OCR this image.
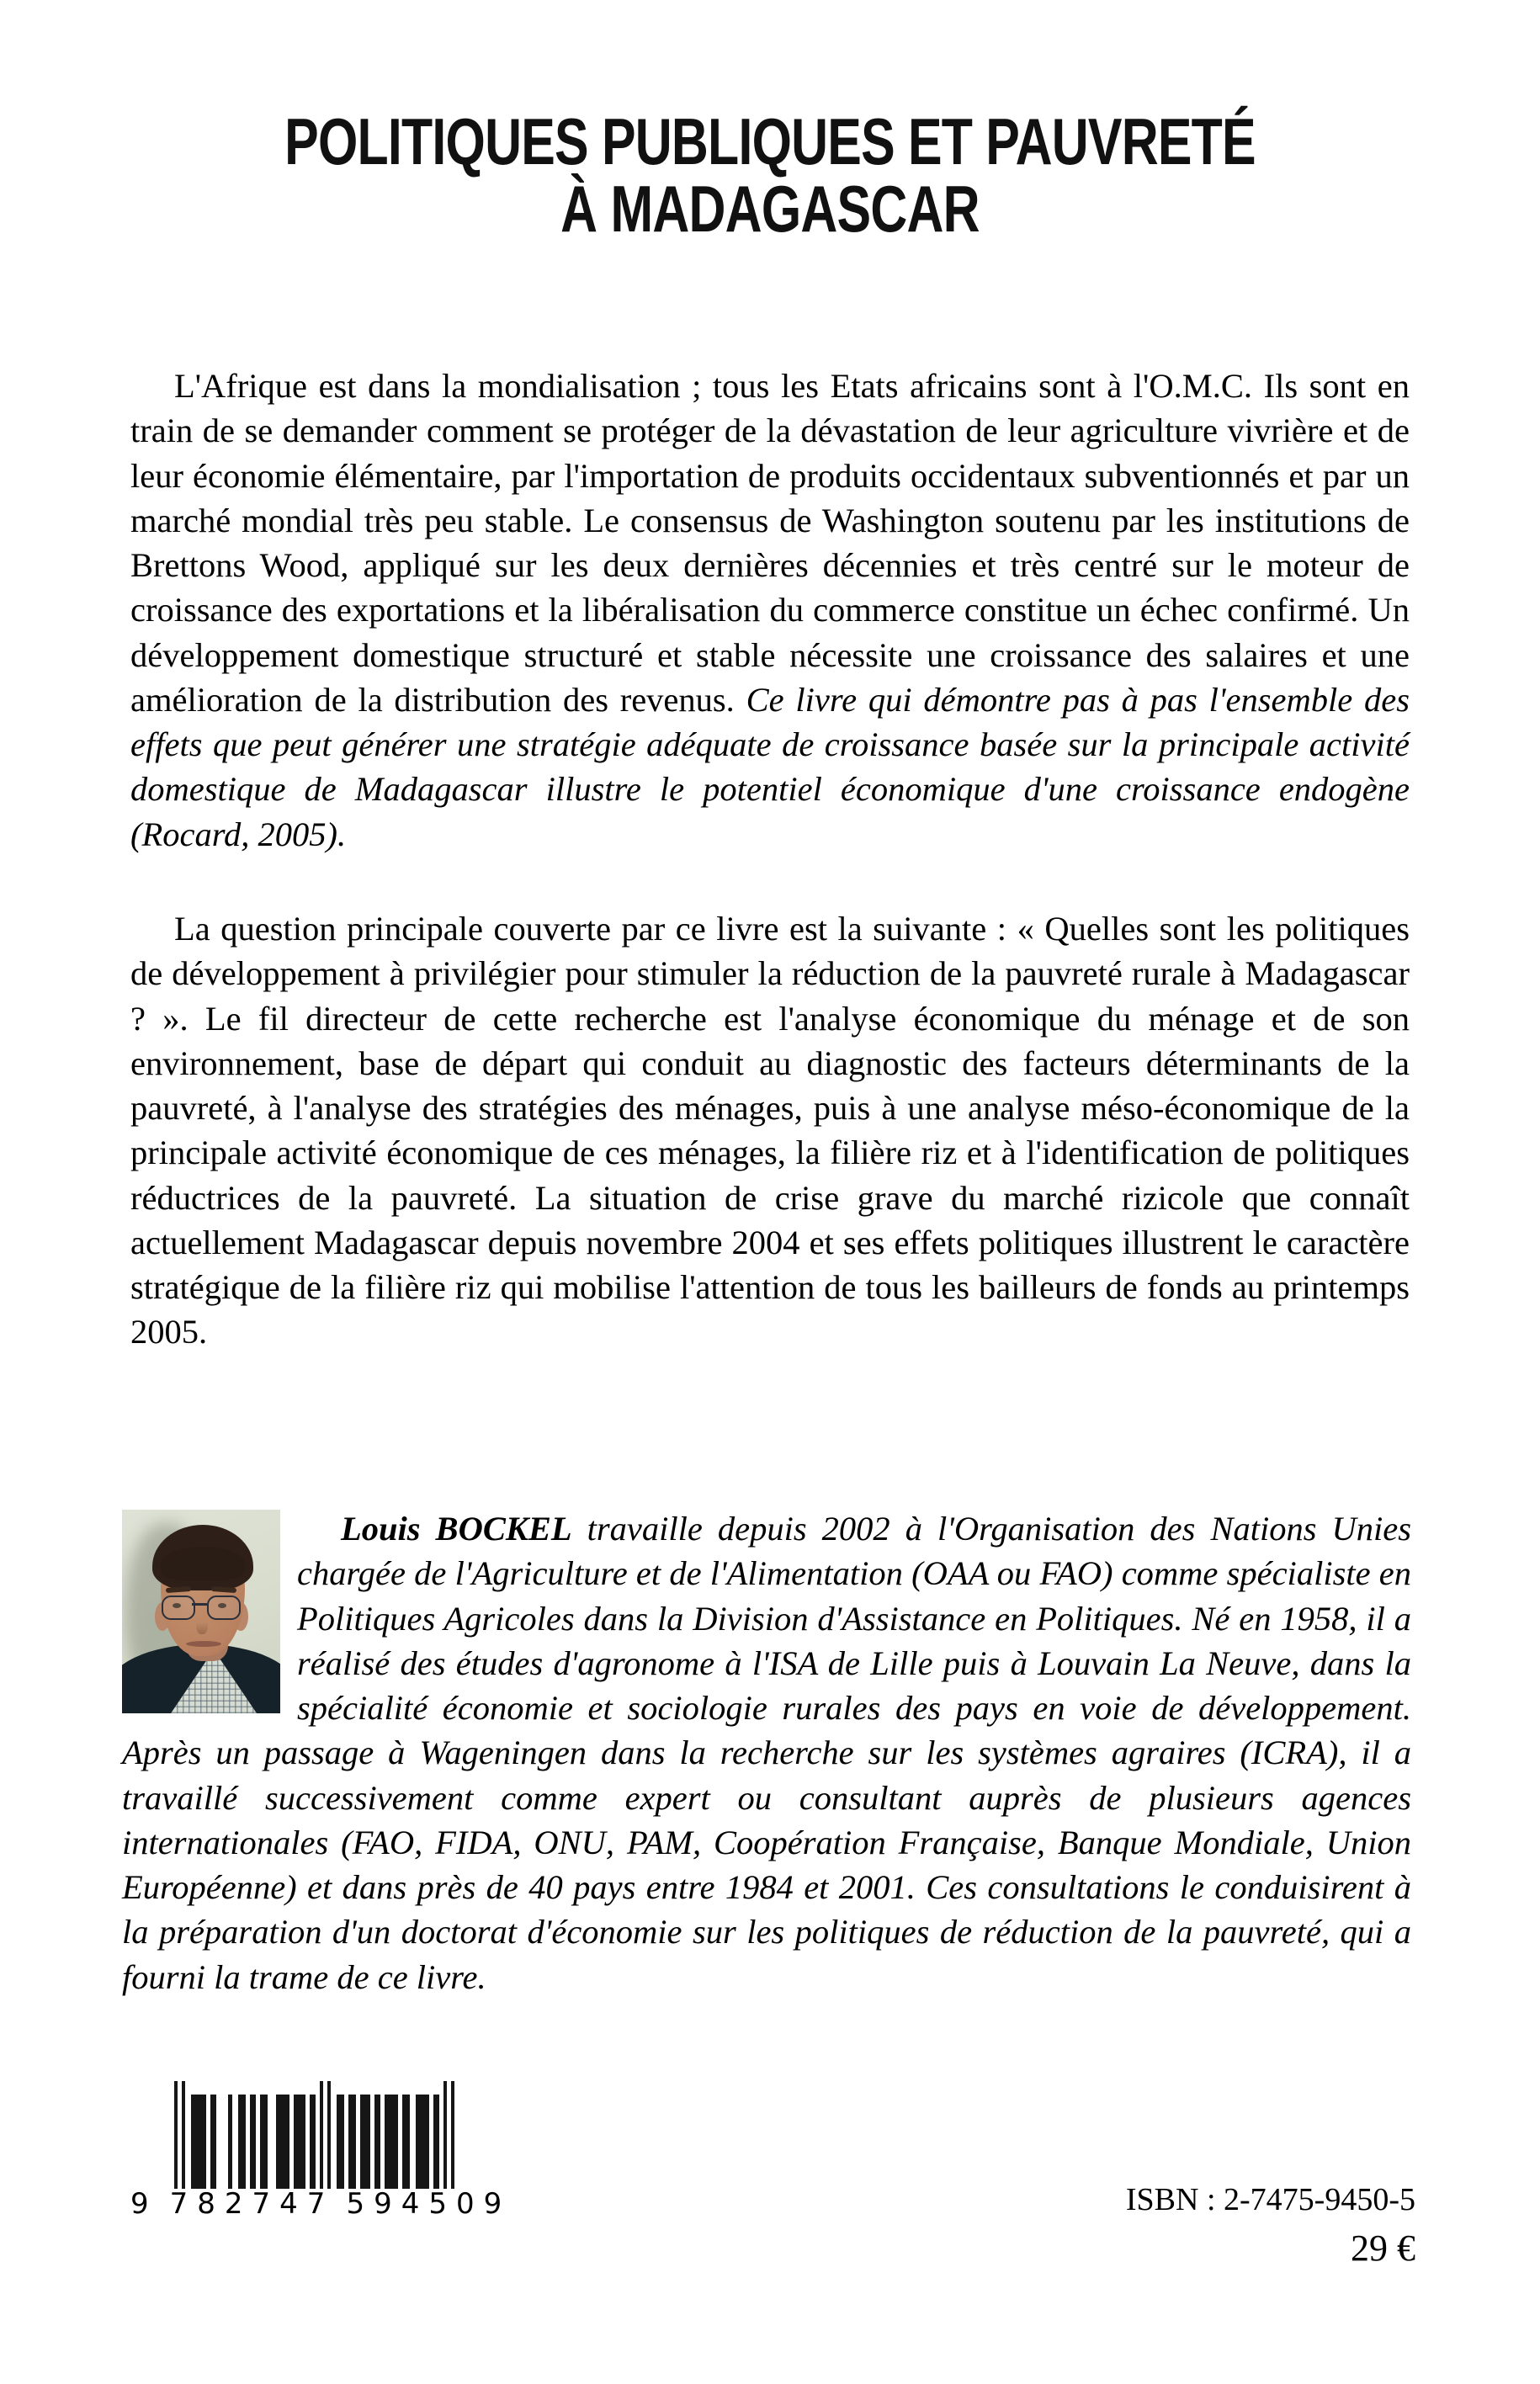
POLITIQUES PUBLIQUES ET PAUVRETÉ
À MADAGASCAR

L'Afrique est dans la mondialisation ; tous les Etats africains sont à l'O.M.C. Ils sont en train de se demander comment se protéger de la dévastation de leur agriculture vivrière et de leur économie élémentaire, par l'importation de produits occidentaux subventionnés et par un marché mondial très peu stable. Le consensus de Washington soutenu par les institutions de Brettons Wood, appliqué sur les deux dernières décennies et très centré sur le moteur de croissance des exportations et la libéralisation du commerce constitue un échec confirmé. Un développement domestique structuré et stable nécessite une croissance des salaires et une amélioration de la distribution des revenus. Ce livre qui démontre pas à pas l'ensemble des effets que peut générer une stratégie adéquate de croissance basée sur la principale activité domestique de Madagascar illustre le potentiel économique d'une croissance endogène (Rocard, 2005).

La question principale couverte par ce livre est la suivante : « Quelles sont les politiques de développement à privilégier pour stimuler la réduction de la pauvreté rurale à Madagascar ? ». Le fil directeur de cette recherche est l'analyse économique du ménage et de son environnement, base de départ qui conduit au diagnostic des facteurs déterminants de la pauvreté, à l'analyse des stratégies des ménages, puis à une analyse méso-économique de la principale activité économique de ces ménages, la filière riz et à l'identification de politiques réductrices de la pauvreté. La situation de crise grave du marché rizicole que connaît actuellement Madagascar depuis novembre 2004 et ses effets politiques illustrent le caractère stratégique de la filière riz qui mobilise l'attention de tous les bailleurs de fonds au printemps 2005.

Louis BOCKEL travaille depuis 2002 à l'Organisation des Nations Unies chargée de l'Agriculture et de l'Alimentation (OAA ou FAO) comme spécialiste en Politiques Agricoles dans la Division d'Assistance en Politiques. Né en 1958, il a réalisé des études d'agronome à l'ISA de Lille puis à Louvain La Neuve, dans la spécialité économie et sociologie rurales des pays en voie de développement. Après un passage à Wageningen dans la recherche sur les systèmes agraires (ICRA), il a travaillé successivement comme expert ou consultant auprès de plusieurs agences internationales (FAO, FIDA, ONU, PAM, Coopération Française, Banque Mondiale, Union Européenne) et dans près de 40 pays entre 1984 et 2001. Ces consultations le conduisirent à la préparation d'un doctorat d'économie sur les politiques de réduction de la pauvreté, qui a fourni la trame de ce livre.

9 782747 594509	ISBN : 2-7475-9450-5
29 €
